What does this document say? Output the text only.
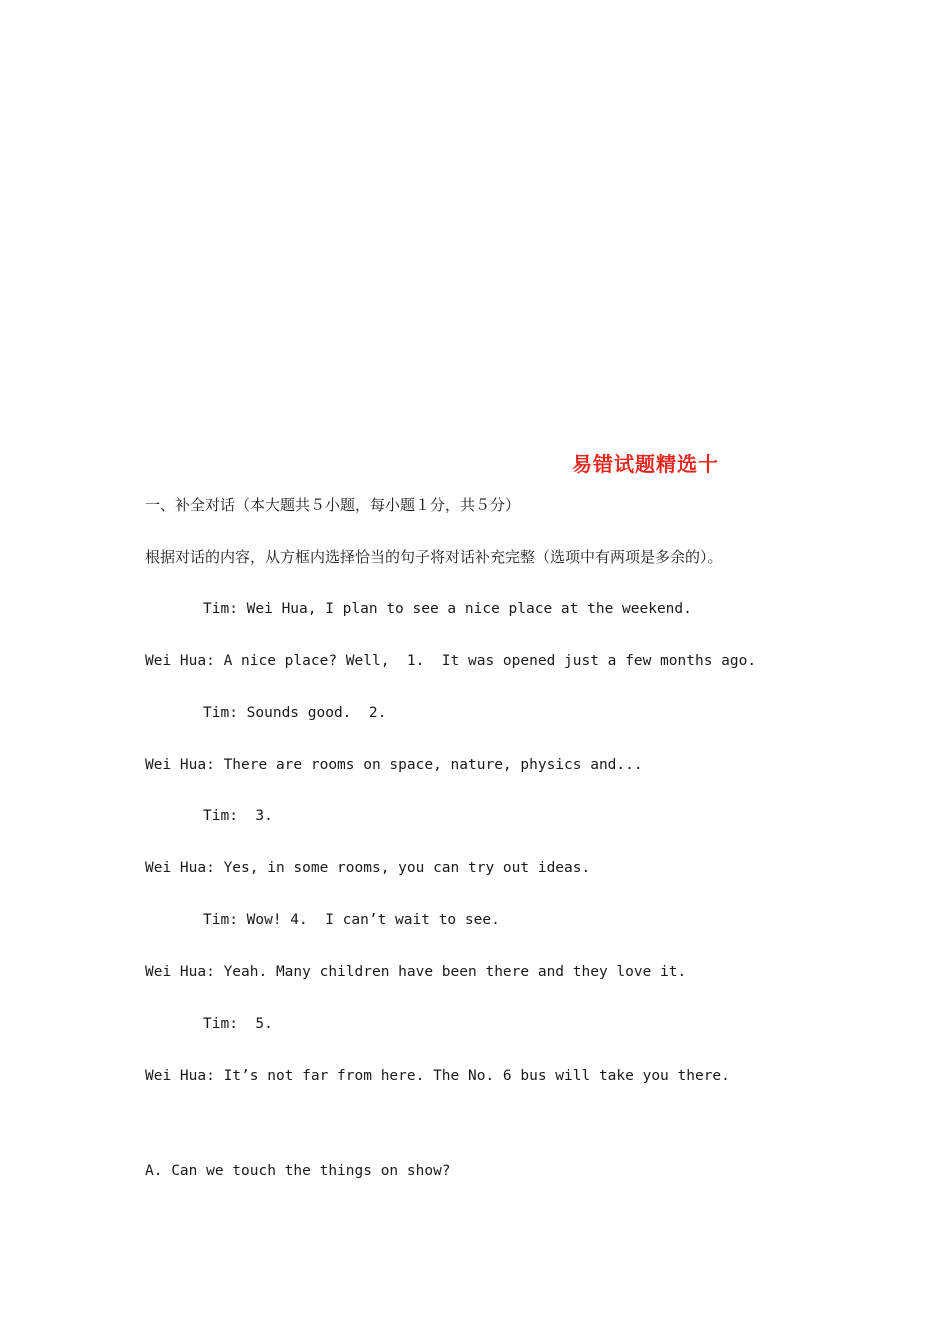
易错试题精选十
一、补全对话（本大题共５小题，每小题１分，共５分）
根据对话的内容，从方框内选择恰当的句子将对话补充完整（选项中有两项是多余的）。
Tim: Wei Hua, I plan to see a nice place at the weekend.
Wei Hua: A nice place? Well,  1.  It was opened just a few months ago.
Tim: Sounds good.  2.
Wei Hua: There are rooms on space, nature, physics and...
Tim:  3.
Wei Hua: Yes, in some rooms, you can try out ideas.
Tim: Wow! 4.  I can’t wait to see.
Wei Hua: Yeah. Many children have been there and they love it.
Tim:  5.
Wei Hua: It’s not far from here. The No. 6 bus will take you there.
A. Can we touch the things on show?
